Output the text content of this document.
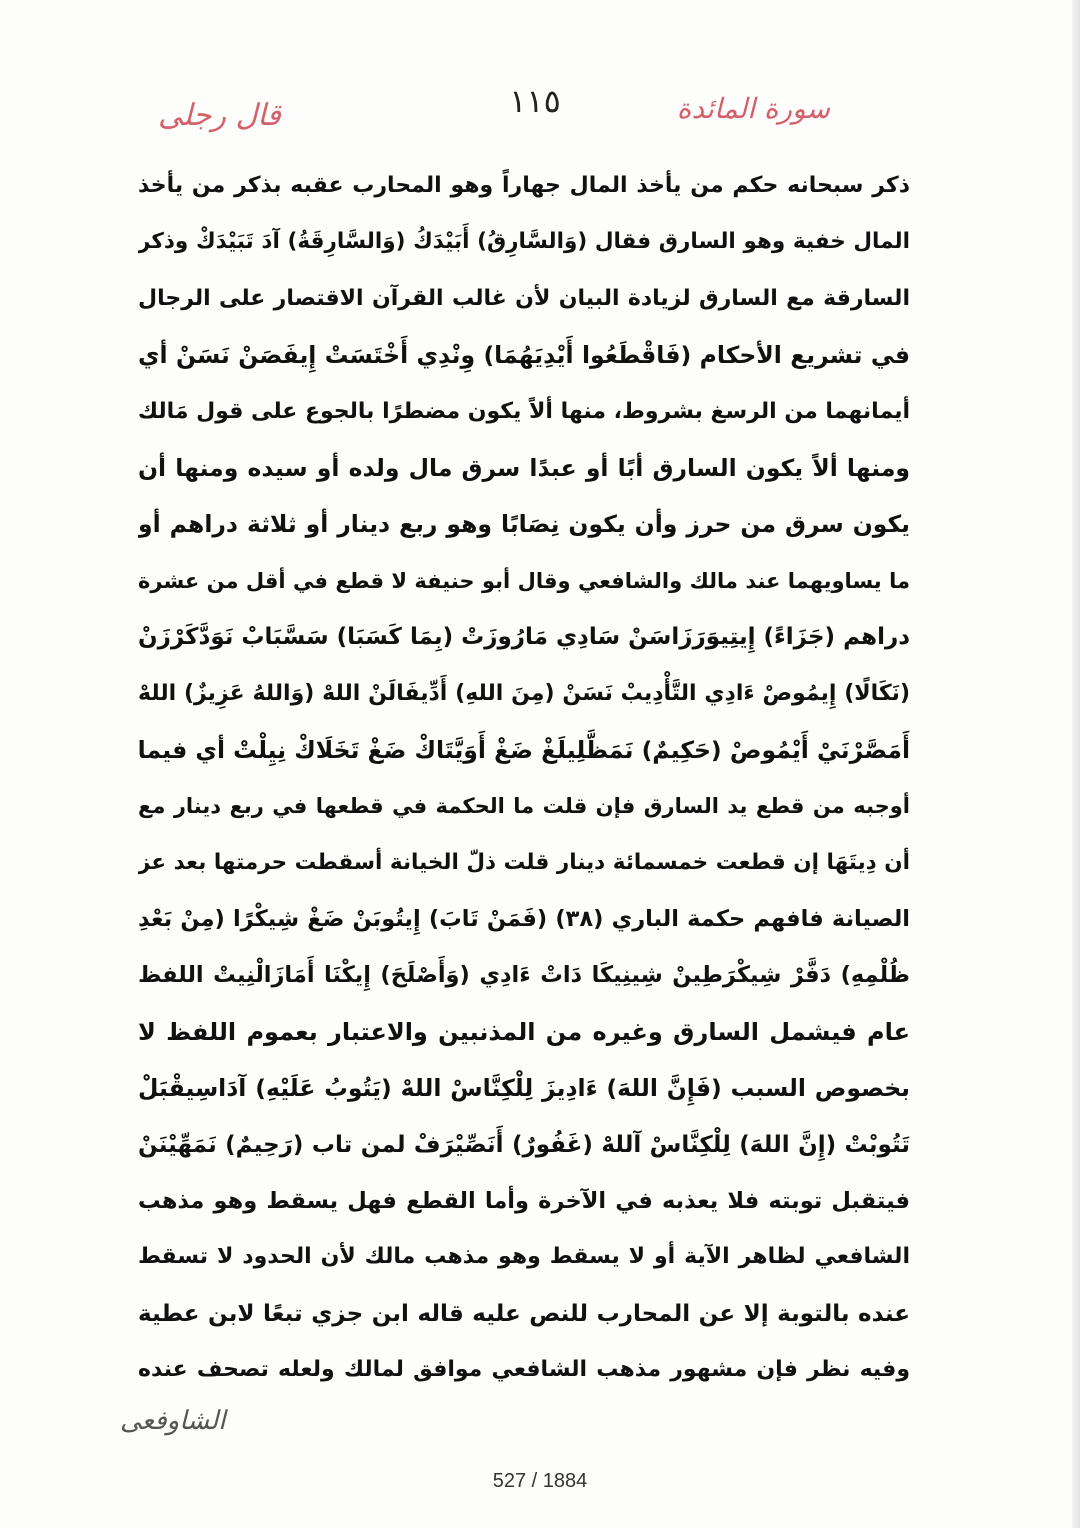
سورة المائدة
١١٥
قال رجلى
ذكر سبحانه حكم من يأخذ المال جهاراً وهو المحارب عقبه بذكر من يأخذ
المال خفية وهو السارق فقال (وَالسَّارِقُ) أَبَيْدَكُ (وَالسَّارِقَةُ) آدَ تَبَيْدَكْ وذكر
السارقة مع السارق لزيادة البيان لأن غالب القرآن الاقتصار على الرجال
في تشريع الأحكام (فَاقْطَعُوا أَيْدِيَهُمَا) وِنْدِي أَخْتَسَتْ إِيفَصَنْ نَسَنْ أي
أيمانهما من الرسغ بشروط، منها ألاً يكون مضطرًا بالجوع على قول مَالك
ومنها ألاً يكون السارق أبًا أو عبدًا سرق مال ولده أو سيده ومنها أن
يكون سرق من حرز وأن يكون نِصَابًا وهو ربع دينار أو ثلاثة دراهم أو
ما يساويهما عند مالك والشافعي وقال أبو حنيفة لا قطع في أقل من عشرة
دراهم (جَزَاءً) إِيتِيوَرَزَاسَنْ سَادِي مَارُوزَتْ (بِمَا كَسَبَا) سَسَّبَابْ نَوَدَّكَرْزَنْ
(نَكَالًا) إِيمُوصْ ءَادِي التَّأْدِيبْ نَسَنْ (مِنَ اللهِ) أَدِّيفَالَنْ اللهْ (وَاللهُ عَزِيزٌ) اللهْ
أَمَصَّرْنَيْ أَيْمُوصْ (حَكِيمٌ) نَمَظَّلِيلَغْ ضَغْ أَوَيَّتَاكْ ضَغْ تَخَلَاكْ نِيِلْتْ أي فيما
أوجبه من قطع يد السارق فإن قلت ما الحكمة في قطعها في ربع دينار مع
أن دِيتَهَا إن قطعت خمسمائة دينار قلت ذلّ الخيانة أسقطت حرمتها بعد عز
الصيانة فافهم حكمة الباري (٣٨) (فَمَنْ تَابَ) إِيتُوبَنْ ضَغْ شِيكْرًا (مِنْ بَعْدِ
ظُلْمِهِ) دَفَّرْ شِيكْرَطِينْ شِينِيكَا دَاتْ ءَادِي (وَأَصْلَحَ) إِيكْنَا أَمَازَالْنِيتْ اللفظ
عام فيشمل السارق وغيره من المذنبين والاعتبار بعموم اللفظ لا
بخصوص السبب (فَإِنَّ اللهَ) ءَادِيزَ لِلْكِنَّاسْ اللهْ (يَتُوبُ عَلَيْهِ) آدَاسِيقْبَلْ
تَتُوبْتْ (إِنَّ اللهَ) لِلْكِنَّاسْ آللهْ (غَفُورٌ) أَنَصِّيْرَفْ لمن تاب (رَحِيمٌ) نَمَهِّيْنَنْ
فيتقبل توبته فلا يعذبه في الآخرة وأما القطع فهل يسقط وهو مذهب
الشافعي لظاهر الآية أو لا يسقط وهو مذهب مالك لأن الحدود لا تسقط
عنده بالتوبة إلا عن المحارب للنص عليه قاله ابن جزي تبعًا لابن عطية
وفيه نظر فإن مشهور مذهب الشافعي موافق لمالك ولعله تصحف عنده
الشاوفعى
527 / 1884
